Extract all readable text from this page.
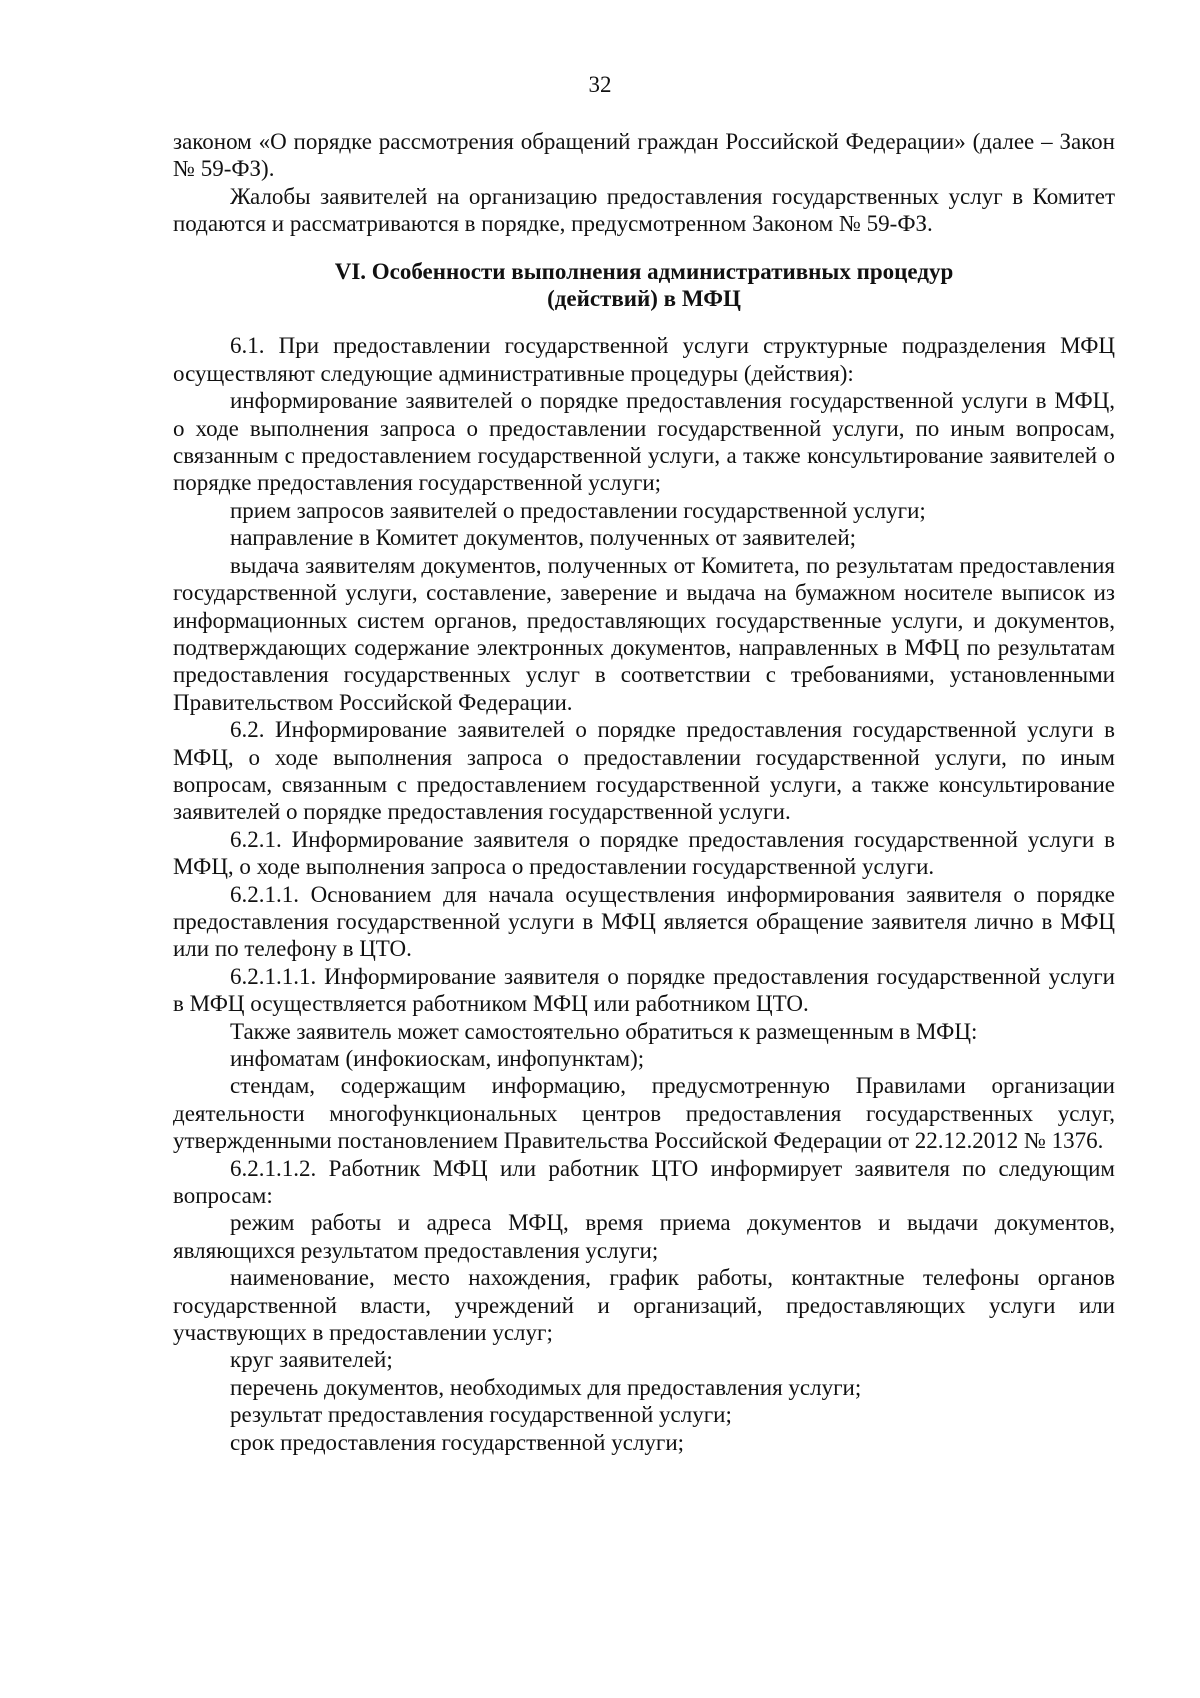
32

законом «О порядке рассмотрения обращений граждан Российской Федерации» (далее – Закон № 59-ФЗ).

Жалобы заявителей на организацию предоставления государственных услуг в Комитет подаются и рассматриваются в порядке, предусмотренном Законом № 59-ФЗ.

VI. Особенности выполнения административных процедур
(действий) в МФЦ

6.1. При предоставлении государственной услуги структурные подразделения МФЦ осуществляют следующие административные процедуры (действия):

информирование заявителей о порядке предоставления государственной услуги в МФЦ, о ходе выполнения запроса о предоставлении государственной услуги, по иным вопросам, связанным с предоставлением государственной услуги, а также консультирование заявителей о порядке предоставления государственной услуги;

прием запросов заявителей о предоставлении государственной услуги;

направление в Комитет документов, полученных от заявителей;

выдача заявителям документов, полученных от Комитета, по результатам предоставления государственной услуги, составление, заверение и выдача на бумажном носителе выписок из информационных систем органов, предоставляющих государственные услуги, и документов, подтверждающих содержание электронных документов, направленных в МФЦ по результатам предоставления государственных услуг в соответствии с требованиями, установленными Правительством Российской Федерации.

6.2. Информирование заявителей о порядке предоставления государственной услуги в МФЦ, о ходе выполнения запроса о предоставлении государственной услуги, по иным вопросам, связанным с предоставлением государственной услуги, а также консультирование заявителей о порядке предоставления государственной услуги.

6.2.1. Информирование заявителя о порядке предоставления государственной услуги в МФЦ, о ходе выполнения запроса о предоставлении государственной услуги.

6.2.1.1. Основанием для начала осуществления информирования заявителя о порядке предоставления государственной услуги в МФЦ является обращение заявителя лично в МФЦ или по телефону в ЦТО.

6.2.1.1.1. Информирование заявителя о порядке предоставления государственной услуги в МФЦ осуществляется работником МФЦ или работником ЦТО.

Также заявитель может самостоятельно обратиться к размещенным в МФЦ:

инфоматам (инфокиоскам, инфопунктам);

стендам, содержащим информацию, предусмотренную Правилами организации деятельности многофункциональных центров предоставления государственных услуг, утвержденными постановлением Правительства Российской Федерации от 22.12.2012 № 1376.

6.2.1.1.2. Работник МФЦ или работник ЦТО информирует заявителя по следующим вопросам:

режим работы и адреса МФЦ, время приема документов и выдачи документов, являющихся результатом предоставления услуги;

наименование, место нахождения, график работы, контактные телефоны органов государственной власти, учреждений и организаций, предоставляющих услуги или участвующих в предоставлении услуг;

круг заявителей;

перечень документов, необходимых для предоставления услуги;

результат предоставления государственной услуги;

срок предоставления государственной услуги;
